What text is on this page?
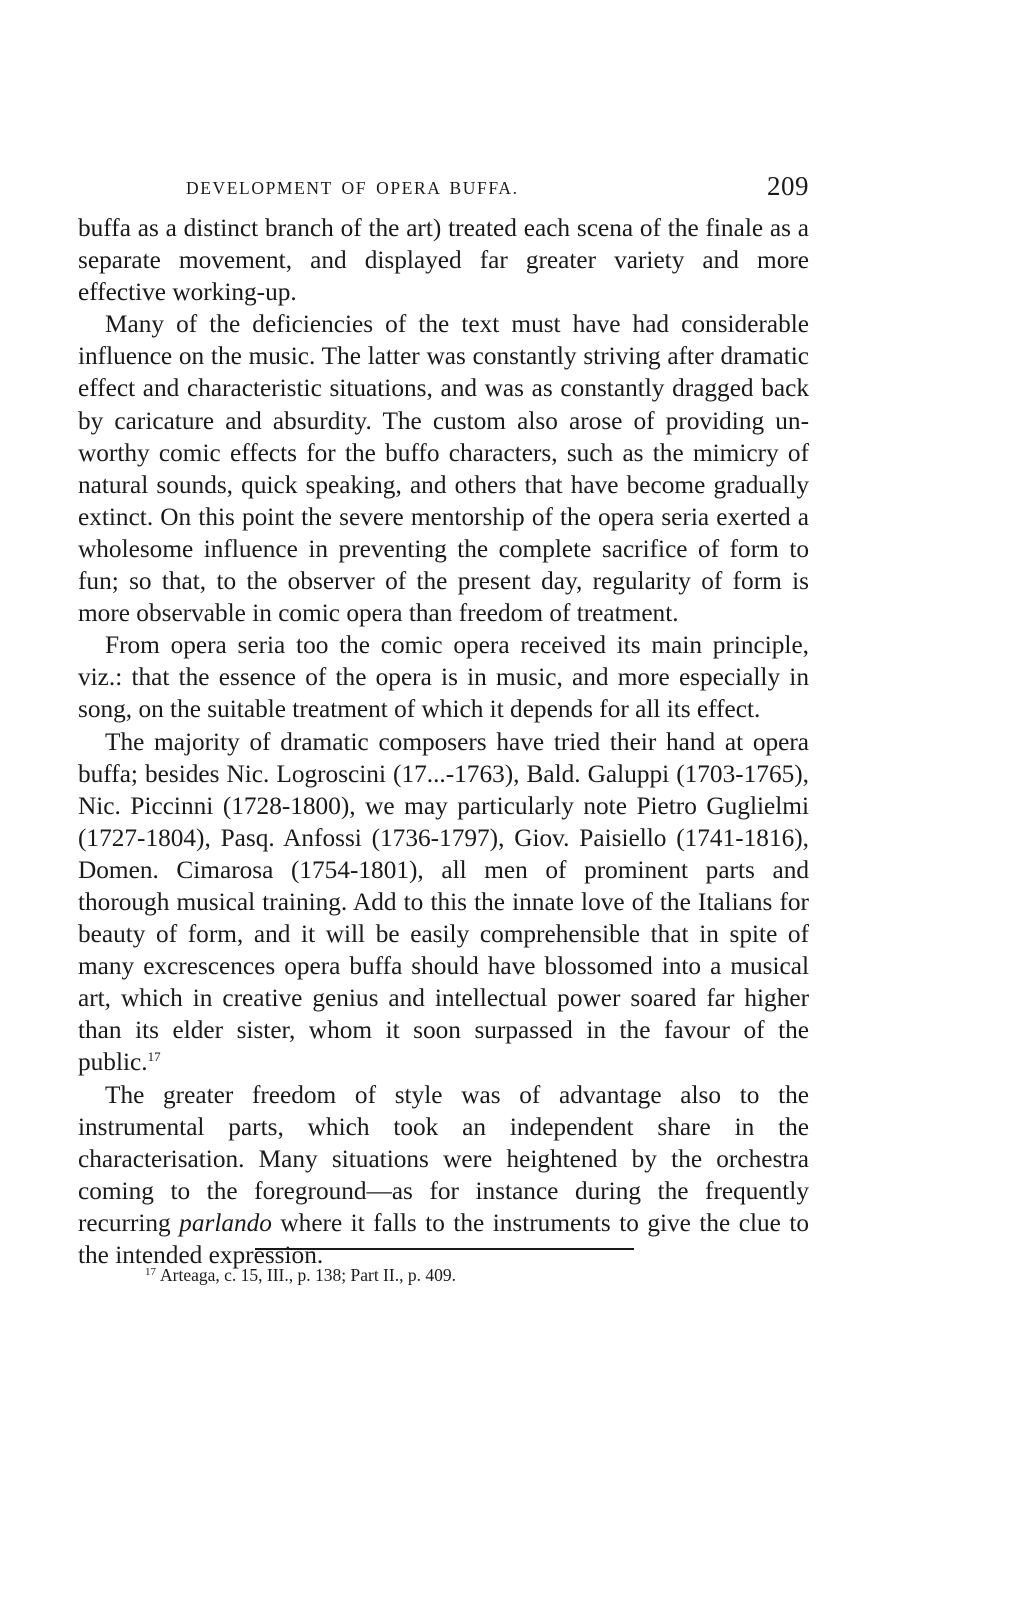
DEVELOPMENT OF OPERA BUFFA.	209

buffa as a distinct branch of the art) treated each scena of the finale as a separate movement, and displayed far greater variety and more effective working-up.

Many of the deficiencies of the text must have had considerable influence on the music. The latter was constantly striving after dramatic effect and characteristic situations, and was as constantly dragged back by caricature and absurdity. The custom also arose of providing unworthy comic effects for the buffo characters, such as the mimicry of natural sounds, quick speaking, and others that have become gradually extinct. On this point the severe mentorship of the opera seria exerted a wholesome influence in preventing the complete sacrifice of form to fun; so that, to the observer of the present day, regularity of form is more observable in comic opera than freedom of treatment.

From opera seria too the comic opera received its main principle, viz.: that the essence of the opera is in music, and more especially in song, on the suitable treatment of which it depends for all its effect.

The majority of dramatic composers have tried their hand at opera buffa; besides Nic. Logroscini (17...-1763), Bald. Galuppi (1703-1765), Nic. Piccinni (1728-1800), we may particularly note Pietro Guglielmi (1727-1804), Pasq. Anfossi (1736-1797), Giov. Paisiello (1741-1816), Domen. Cimarosa (1754-1801), all men of prominent parts and thorough musical training. Add to this the innate love of the Italians for beauty of form, and it will be easily comprehensible that in spite of many excrescences opera buffa should have blossomed into a musical art, which in creative genius and intellectual power soared far higher than its elder sister, whom it soon surpassed in the favour of the public.$^{17}$

The greater freedom of style was of advantage also to the instrumental parts, which took an independent share in the characterisation. Many situations were heightened by the orchestra coming to the foreground—as for instance during the frequently recurring parlando where it falls to the instruments to give the clue to the intended expression.

$^{17}$ Arteaga, c. 15, III., p. 138; Part II., p. 409.
